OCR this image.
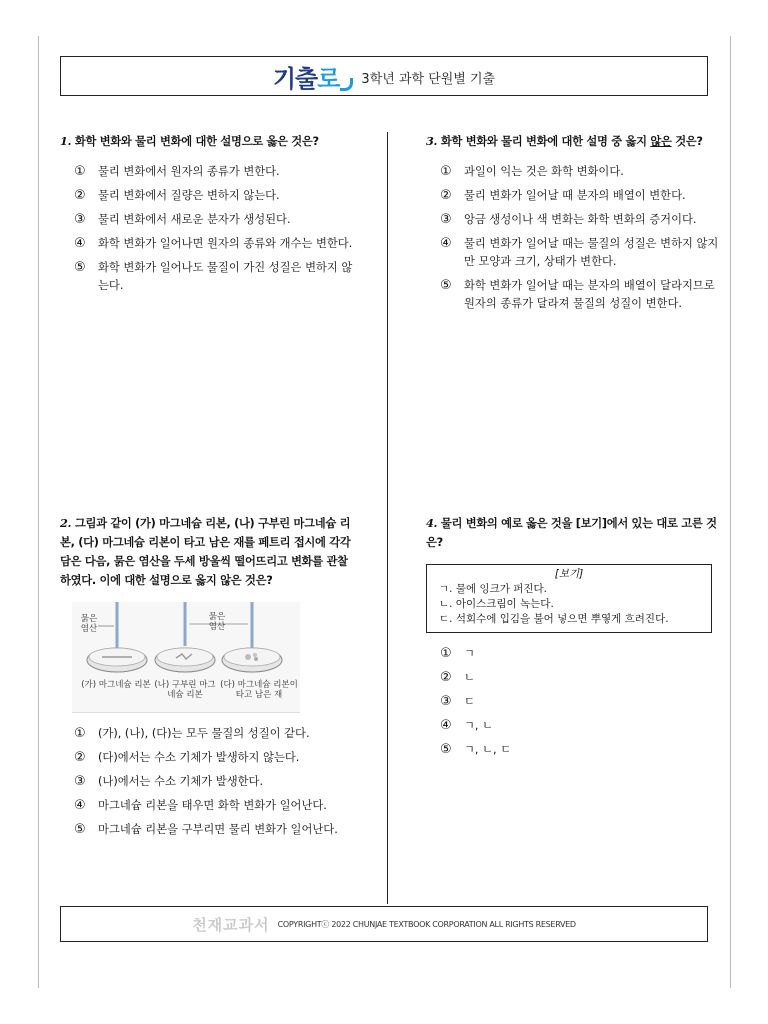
기출 로 3학년 과학 단원별 기출

1. 화학 변화와 물리 변화에 대한 설명으로 옳은 것은?

①	물리 변화에서 원자의 종류가 변한다.
②	물리 변화에서 질량은 변하지 않는다.
③	물리 변화에서 새로운 분자가 생성된다.
④	화학 변화가 일어나면 원자의 종류와 개수는 변한다.
⑤	화학 변화가 일어나도 물질이 가진 성질은 변하지 않는다.

3. 화학 변화와 물리 변화에 대한 설명 중 옳지 않은 것은?

①	과일이 익는 것은 화학 변화이다.
②	물리 변화가 일어날 때 분자의 배열이 변한다.
③	앙금 생성이나 색 변화는 화학 변화의 증거이다.
④	물리 변화가 일어날 때는 물질의 성질은 변하지 않지만 모양과 크기, 상태가 변한다.
⑤	화학 변화가 일어날 때는 분자의 배열이 달라지므로 원자의 종류가 달라져 물질의 성질이 변한다.

2. 그림과 같이 (가) 마그네슘 리본, (나) 구부린 마그네슘 리본, (다) 마그네슘 리본이 타고 남은 재를 페트리 접시에 각각 담은 다음, 묽은 염산을 두세 방울씩 떨어뜨리고 변화를 관찰하였다. 이에 대한 설명으로 옳지 않은 것은?

묽은 염산
묽은 염산
(가) 마그네슘 리본 (나) 구부린 마그 네슘 리본
(다) 마그네슘 리본이 타고 남은 재
①	(가), (나), (다)는 모두 물질의 성질이 같다.
②	(다)에서는 수소 기체가 발생하지 않는다.
③	(나)에서는 수소 기체가 발생한다.
④	마그네슘 리본을 태우면 화학 변화가 일어난다.
⑤	마그네슘 리본을 구부리면 물리 변화가 일어난다.

4. 물리 변화의 예로 옳은 것을 [보기]에서 있는 대로 고른 것은?

[보기]
ㄱ. 물에 잉크가 퍼진다.
ㄴ. 아이스크림이 녹는다.
ㄷ. 석회수에 입김을 불어 넣으면 뿌옇게 흐려진다.
①	ㄱ
②	ㄴ
③	ㄷ
④	ㄱ, ㄴ
⑤	ㄱ, ㄴ, ㄷ
천재교과서 COPYRIGHTⓒ 2022 CHUNJAE TEXTBOOK CORPORATION ALL RIGHTS RESERVED
